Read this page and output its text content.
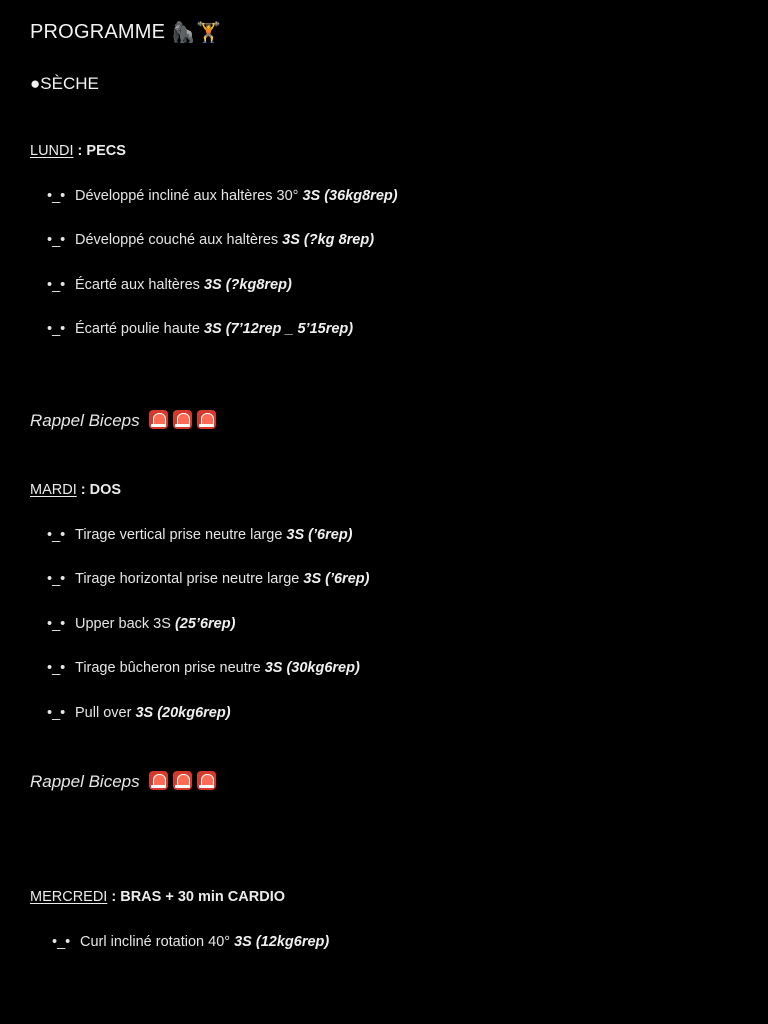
PROGRAMME 🦍🏋️
●SÈCHE
LUNDI : PECS
•_• Développé incliné aux haltères 30° 3S (36kg8rep)
•_• Développé couché aux haltères 3S (?kg 8rep)
•_• Écarté aux haltères 3S (?kg8rep)
•_• Écarté poulie haute 3S (7’12rep _ 5’15rep)
Rappel Biceps
MARDI : DOS
•_• Tirage vertical prise neutre large 3S (’6rep)
•_• Tirage horizontal prise neutre large 3S (’6rep)
•_• Upper back 3S (25’6rep)
•_• Tirage bûcheron prise neutre 3S (30kg6rep)
•_• Pull over 3S (20kg6rep)
Rappel Biceps
MERCREDI : BRAS + 30 min CARDIO
•_• Curl incliné rotation 40° 3S (12kg6rep)
